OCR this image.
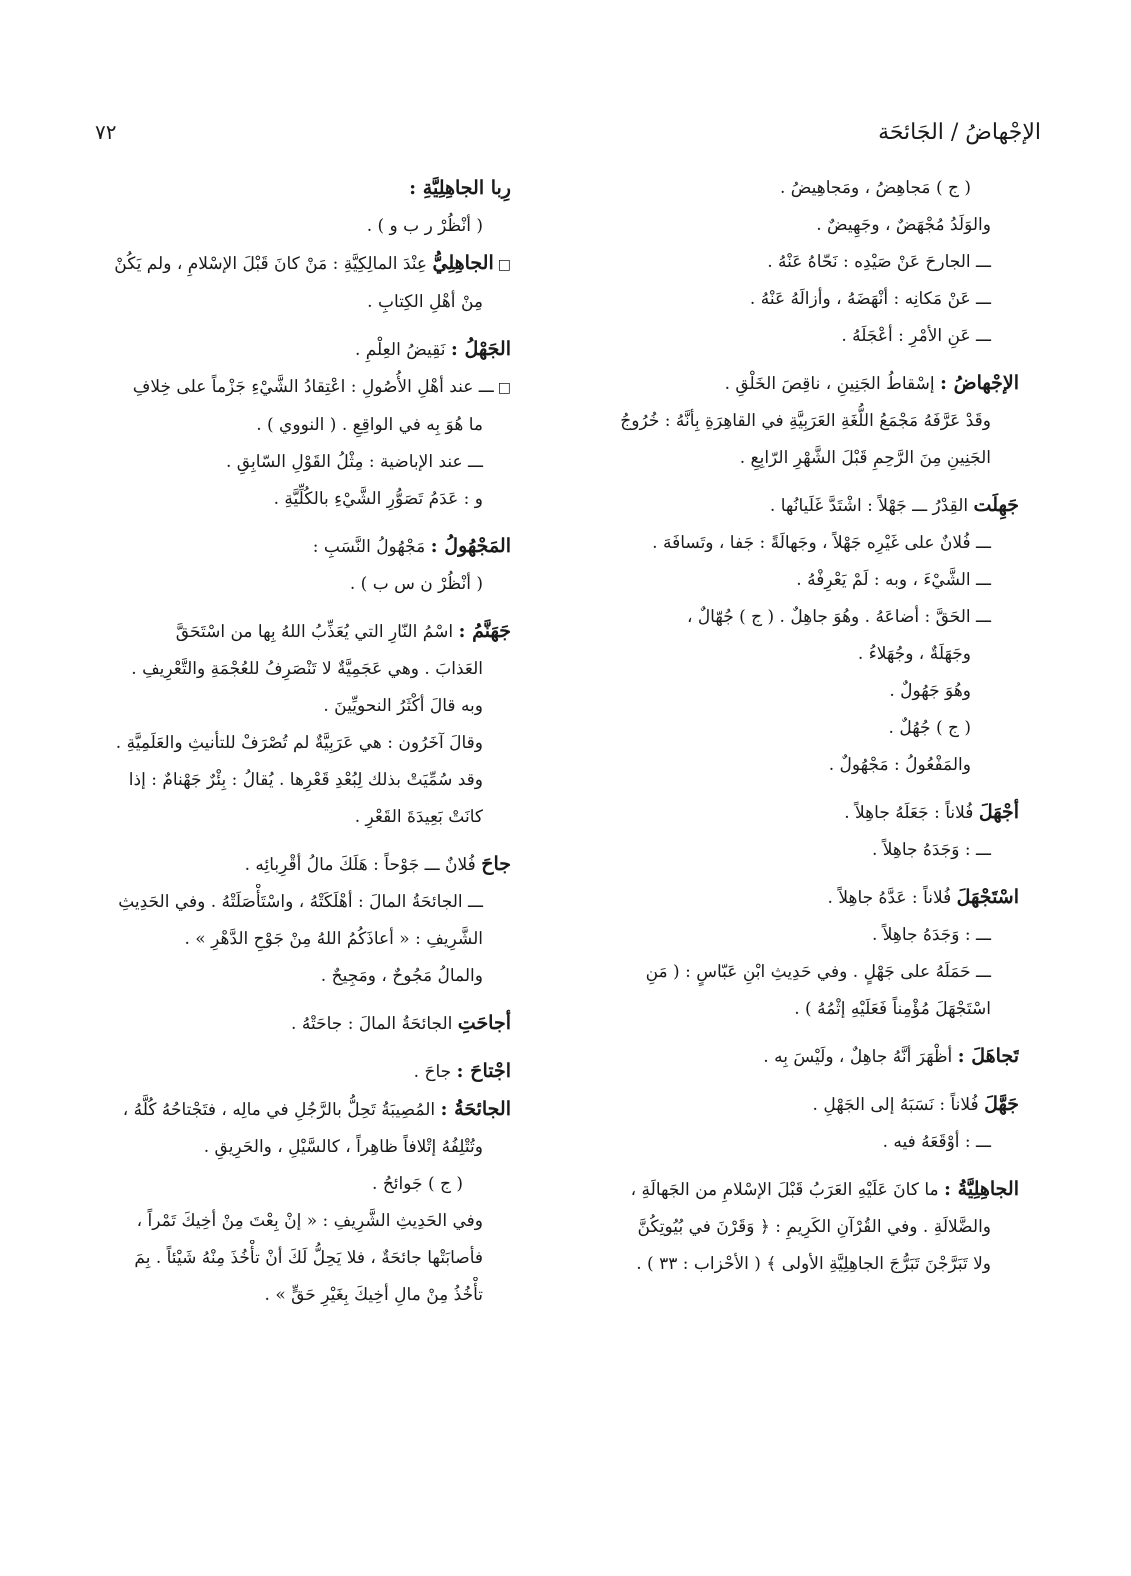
٧٢	الإجْهاضُ / الجَائحَة
( ج ) مَجاهِضُ ، ومَجاهِيضُ .
والوَلَدُ مُجْهَضٌ ، وجَهِيضٌ .
ـــ الجارحَ عَنْ صَيْدِه : نَحّاهُ عَنْهُ .
ـــ عَنْ مَكانِه : أنْهَضَهُ ، وأزالَهُ عَنْهُ .
ـــ عَنِ الأمْرِ : أعْجَلَهُ .
الإجْهاضُ : إسْقاطُ الجَنِينِ ، ناقِصَ الخَلْقِ .
وقَدْ عَرَّفَهُ مَجْمَعُ اللُّغَةِ العَرَبِيَّةِ في القاهِرَةِ بِأنَّهُ : خُرُوجُ
الجَنِينِ مِنَ الرَّحِمِ قَبْلَ الشَّهْرِ الرّابِعِ .
جَهِلَت القِدْرُ ـــ جَهْلاً : اشْتَدَّ غَلَيانُها .
ـــ فُلانٌ على غَيْرِه جَهْلاً ، وجَهالَةً : جَفا ، وتَسافَهَ .
ـــ الشَّيْءَ ، وبه : لَمْ يَعْرِفْهُ .
ـــ الحَقَّ : أضاعَهُ . وهُوَ جاهِلٌ . ( ج ) جُهّالٌ ،
وجَهَلَةٌ ، وجُهَلاءُ .
وهُوَ جَهُولٌ .
( ج ) جُهُلٌ .
والمَفْعُولُ : مَجْهُولٌ .
أجْهَلَ فُلاناً : جَعَلَهُ جاهِلاً .
ـــ : وَجَدَهُ جاهِلاً .
اسْتَجْهَلَ فُلاناً : عَدَّهُ جاهِلاً .
ـــ : وَجَدَهُ جاهِلاً .
ـــ حَمَلَهُ على جَهْلٍ . وفي حَدِيثِ ابْنِ عَبّاسٍ : ( مَنِ
اسْتَجْهَلَ مُؤْمِناً فَعَلَيْهِ إثْمُهُ ) .
تَجاهَلَ : أظْهَرَ أنَّهُ جاهِلٌ ، ولَيْسَ بِه .
جَهَّلَ فُلاناً : نَسَبَهُ إلى الجَهْلِ .
ـــ : أوْقَعَهُ فيه .
الجاهِلِيَّةُ : ما كانَ عَلَيْهِ العَرَبُ قَبْلَ الإسْلامِ من الجَهالَةِ ،
والضَّلالَةِ . وفي القُرْآنِ الكَرِيمِ : ﴿ وَقَرْنَ في بُيُوتِكُنَّ
ولا تَبَرَّجْنَ تَبَرُّجَ الجاهِلِيَّةِ الأولى ﴾ ( الأحْزاب : ٣٣ ) .
رِبا الجاهِلِيَّةِ :
( أنْظُرْ ر ب و ) .
□الجاهِلِيُّ عِنْدَ المالِكِيَّةِ : مَنْ كانَ قَبْلَ الإسْلامِ ، ولم يَكُنْ
مِنْ أهْلِ الكِتابِ .
الجَهْلُ : نَقِيضُ العِلْمِ .
□ـــ عند أهْلِ الأُصُولِ : اعْتِقادُ الشَّيْءِ جَزْماً على خِلافِ
ما هُوَ بِه في الواقِعِ . ( النووي ) .
ـــ عند الإباضية : مِثْلُ القَوْلِ السّابِقِ .
و : عَدَمُ تَصَوُّرِ الشَّيْءِ بالكُلِّيَّةِ .
المَجْهُولُ : مَجْهُولُ النَّسَبِ :
( أنْظُرْ ن س ب ) .
جَهَنَّمُ : اسْمُ النّارِ التي يُعَذِّبُ اللهُ بِها من اسْتَحَقَّ
العَذابَ . وهي عَجَمِيَّةٌ لا تَنْصَرِفُ للعُجْمَةِ والتَّعْرِيفِ .
وبه قالَ أكْثَرُ النحويِّينَ .
وقالَ آخَرُون : هي عَرَبِيَّةٌ لم تُصْرَفْ للتأنيثِ والعَلَمِيَّةِ .
وقد سُمِّيَتْ بذلك لِبُعْدِ قَعْرِها . يُقالُ : بِئْرٌ جَهْنامٌ : إذا
كانَتْ بَعِيدَةَ القَعْرِ .
جاحَ فُلانٌ ـــ جَوْحاً : هَلَكَ مالُ أقْرِبائِه .
ـــ الجائحَةُ المالَ : أهْلَكَتْهُ ، واسْتَأْصَلَتْهُ . وفي الحَدِيثِ
الشَّرِيفِ : « أعاذَكُمُ اللهُ مِنْ جَوْحِ الدَّهْرِ » .
والمالُ مَجُوحٌ ، ومَجِيحٌ .
أجاحَتِ الجائحَةُ المالَ : جاحَتْهُ .
اجْتاحَ : جاحَ .
الجائحَةُ : المُصِيبَةُ تَحِلُّ بالرَّجُلِ في مالِه ، فتَجْتاحُهُ كُلَّهُ ،
وتُتْلِفُهُ إتْلافاً ظاهِراً ، كالسَّيْلِ ، والحَرِيقِ .
( ج ) جَوائحُ .
وفي الحَدِيثِ الشَّرِيفِ : « إنْ بِعْتَ مِنْ أخِيكَ تَمْراً ،
فأصابَتْها جائحَةٌ ، فلا يَحِلُّ لَكَ أنْ تأْخُذَ مِنْهُ شَيْئاً . بِمَ
تأْخُذُ مِنْ مالِ أخِيكَ بِغَيْرِ حَقٍّ » .
